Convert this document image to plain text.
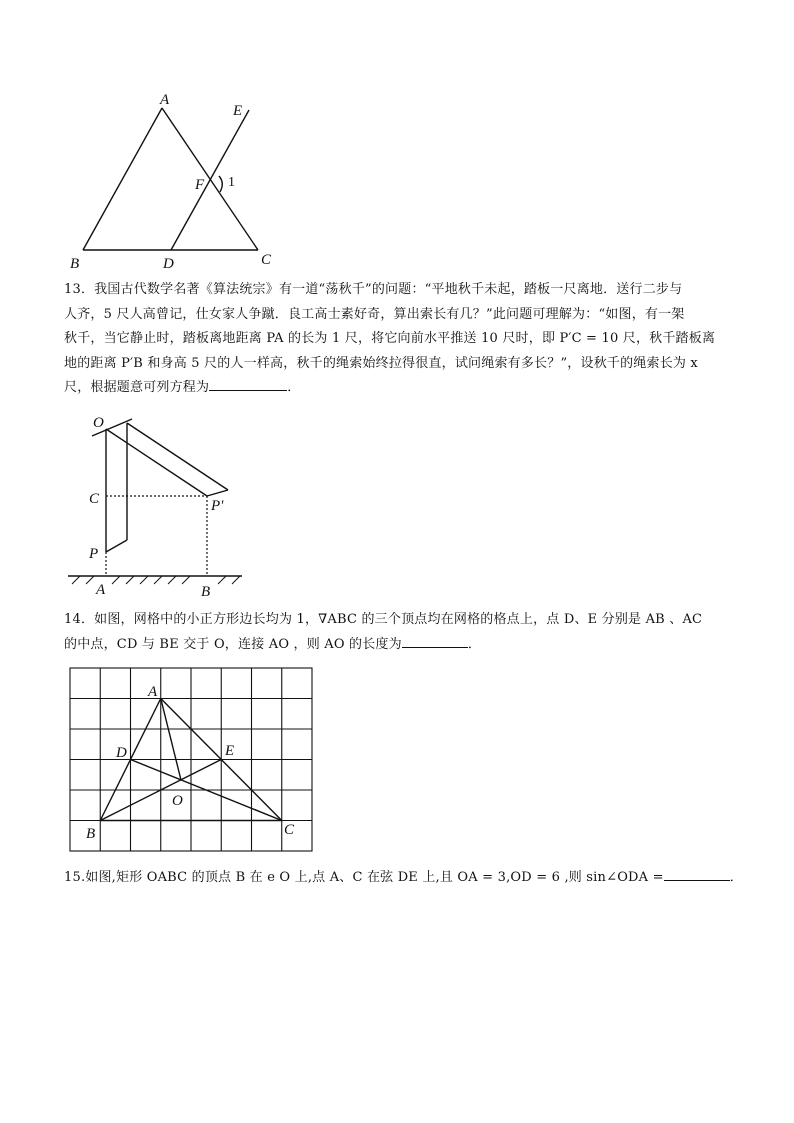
A
E
F 1
B	D	C
13．我国古代数学名著《算法统宗》有一道“荡秋千”的问题：“平地秋千未起，踏板一尺离地．送行二步与
人齐，5 尺人高曾记，仕女家人争蹴．良工高士素好奇，算出索长有几？”此问题可理解为：“如图，有一架
秋千，当它静止时，踏板离地距离 PA 的长为 1 尺，将它向前水平推送 10 尺时，即 P′C = 10 尺，秋千踏板离
地的距离 P′B 和身高 5 尺的人一样高，秋千的绳索始终拉得很直，试问绳索有多长？”，设秋千的绳索长为 x
尺，根据题意可列方程为	．
O
C
P
P'
A	B
14．如图，网格中的小正方形边长均为 1，∇ABC 的三个顶点均在网格的格点上，点 D、E 分别是 AB 、AC
的中点，CD 与 BE 交于 O，连接 AO ，则 AO 的长度为	．
A
D	E
O
B	C
15.如图,矩形 OABC 的顶点 B 在 e O 上,点 A、C 在弦 DE 上,且 OA = 3,OD = 6 ,则 sin∠ODA =	．
